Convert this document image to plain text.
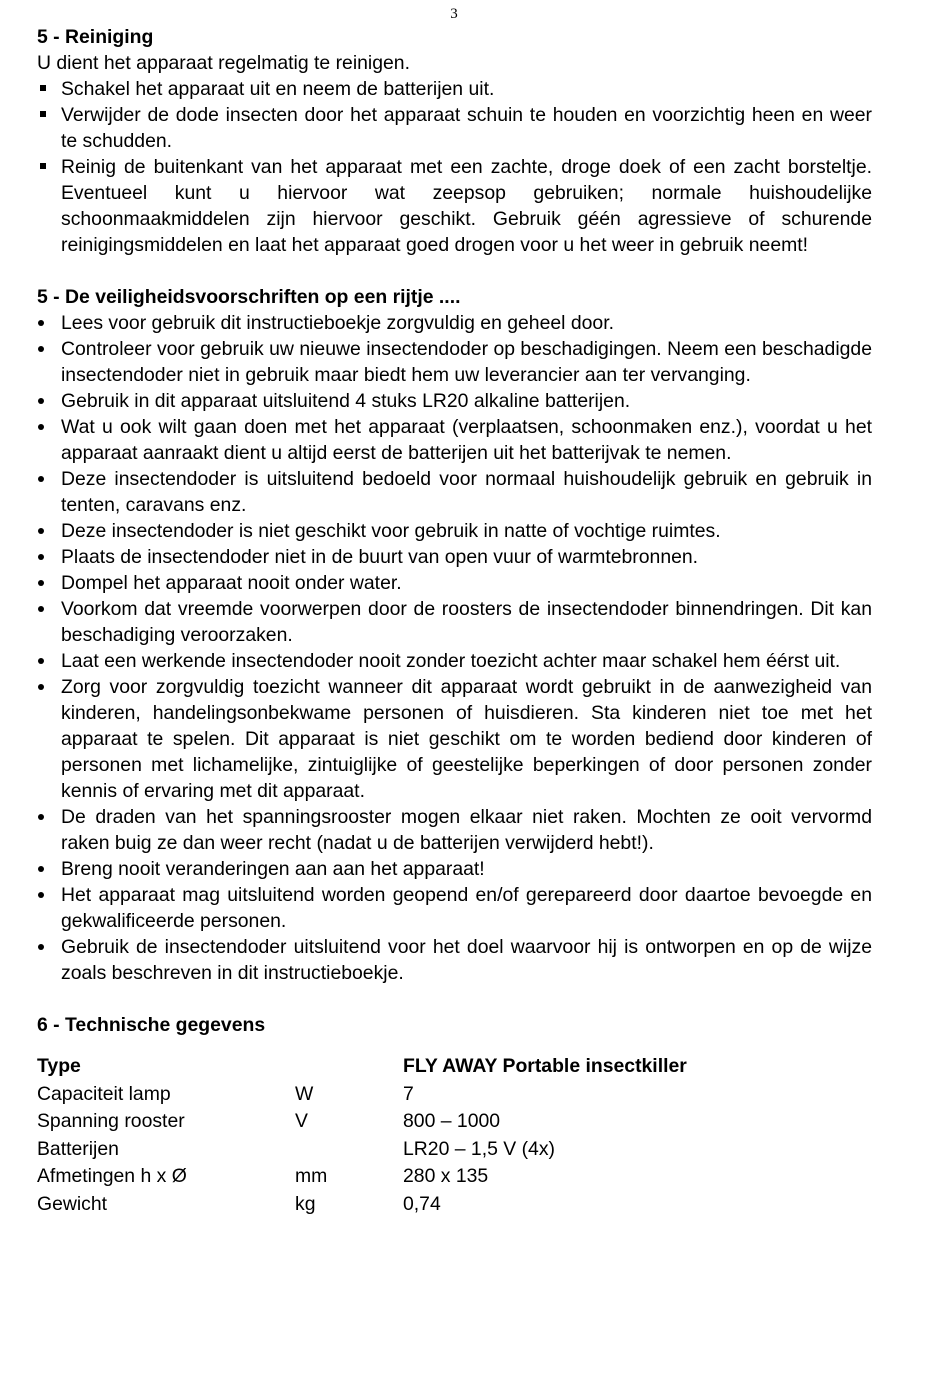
3

5 - Reiniging

U dient het apparaat regelmatig te reinigen.

Schakel het apparaat uit en neem de batterijen uit.
Verwijder de dode insecten door het apparaat schuin te houden en voorzichtig heen en weer te schudden.
Reinig de buitenkant van het apparaat met een zachte, droge doek of een zacht borsteltje. Eventueel kunt u hiervoor wat zeepsop gebruiken; normale huishoudelijke schoonmaakmiddelen zijn hiervoor geschikt. Gebruik géén agressieve of schurende reinigingsmiddelen en laat het apparaat goed drogen voor u het weer in gebruik neemt!

5 - De veiligheidsvoorschriften op een rijtje ....

Lees voor gebruik dit instructieboekje zorgvuldig en geheel door.
Controleer voor gebruik uw nieuwe insectendoder op beschadigingen. Neem een beschadigde insectendoder niet in gebruik maar biedt hem uw leverancier aan ter vervanging.
Gebruik in dit apparaat uitsluitend 4 stuks LR20 alkaline batterijen.
Wat u ook wilt gaan doen met het apparaat (verplaatsen, schoonmaken enz.), voordat u het apparaat aanraakt dient u altijd eerst de batterijen uit het batterijvak te nemen.
Deze insectendoder is uitsluitend bedoeld voor normaal huishoudelijk gebruik en gebruik in tenten, caravans enz.
Deze insectendoder is niet geschikt voor gebruik in natte of vochtige ruimtes.
Plaats de insectendoder niet in de buurt van open vuur of warmtebronnen.
Dompel het apparaat nooit onder water.
Voorkom dat vreemde voorwerpen door de roosters de insectendoder binnendringen. Dit kan beschadiging veroorzaken.
Laat een werkende insectendoder nooit zonder toezicht achter maar schakel hem éérst uit.
Zorg voor zorgvuldig toezicht wanneer dit apparaat wordt gebruikt in de aanwezigheid van kinderen, handelingsonbekwame personen of huisdieren. Sta kinderen niet toe met het apparaat te spelen. Dit apparaat is niet geschikt om te worden bediend door kinderen of personen met lichamelijke, zintuiglijke of geestelijke beperkingen of door personen zonder kennis of ervaring met dit apparaat.
De draden van het spanningsrooster mogen elkaar niet raken. Mochten ze ooit vervormd raken buig ze dan weer recht (nadat u de batterijen verwijderd hebt!).
Breng nooit veranderingen aan aan het apparaat!
Het apparaat mag uitsluitend worden geopend en/of gerepareerd door daartoe bevoegde en gekwalificeerde personen.
Gebruik de insectendoder uitsluitend voor het doel waarvoor hij is ontworpen en op de wijze zoals beschreven in dit instructieboekje.

6 - Technische gegevens

Type		FLY AWAY Portable insectkiller
Capaciteit lamp	W	7
Spanning rooster	V	800 – 1000
Batterijen		LR20 – 1,5 V (4x)
Afmetingen h x Ø	mm	280 x 135
Gewicht	kg	0,74
